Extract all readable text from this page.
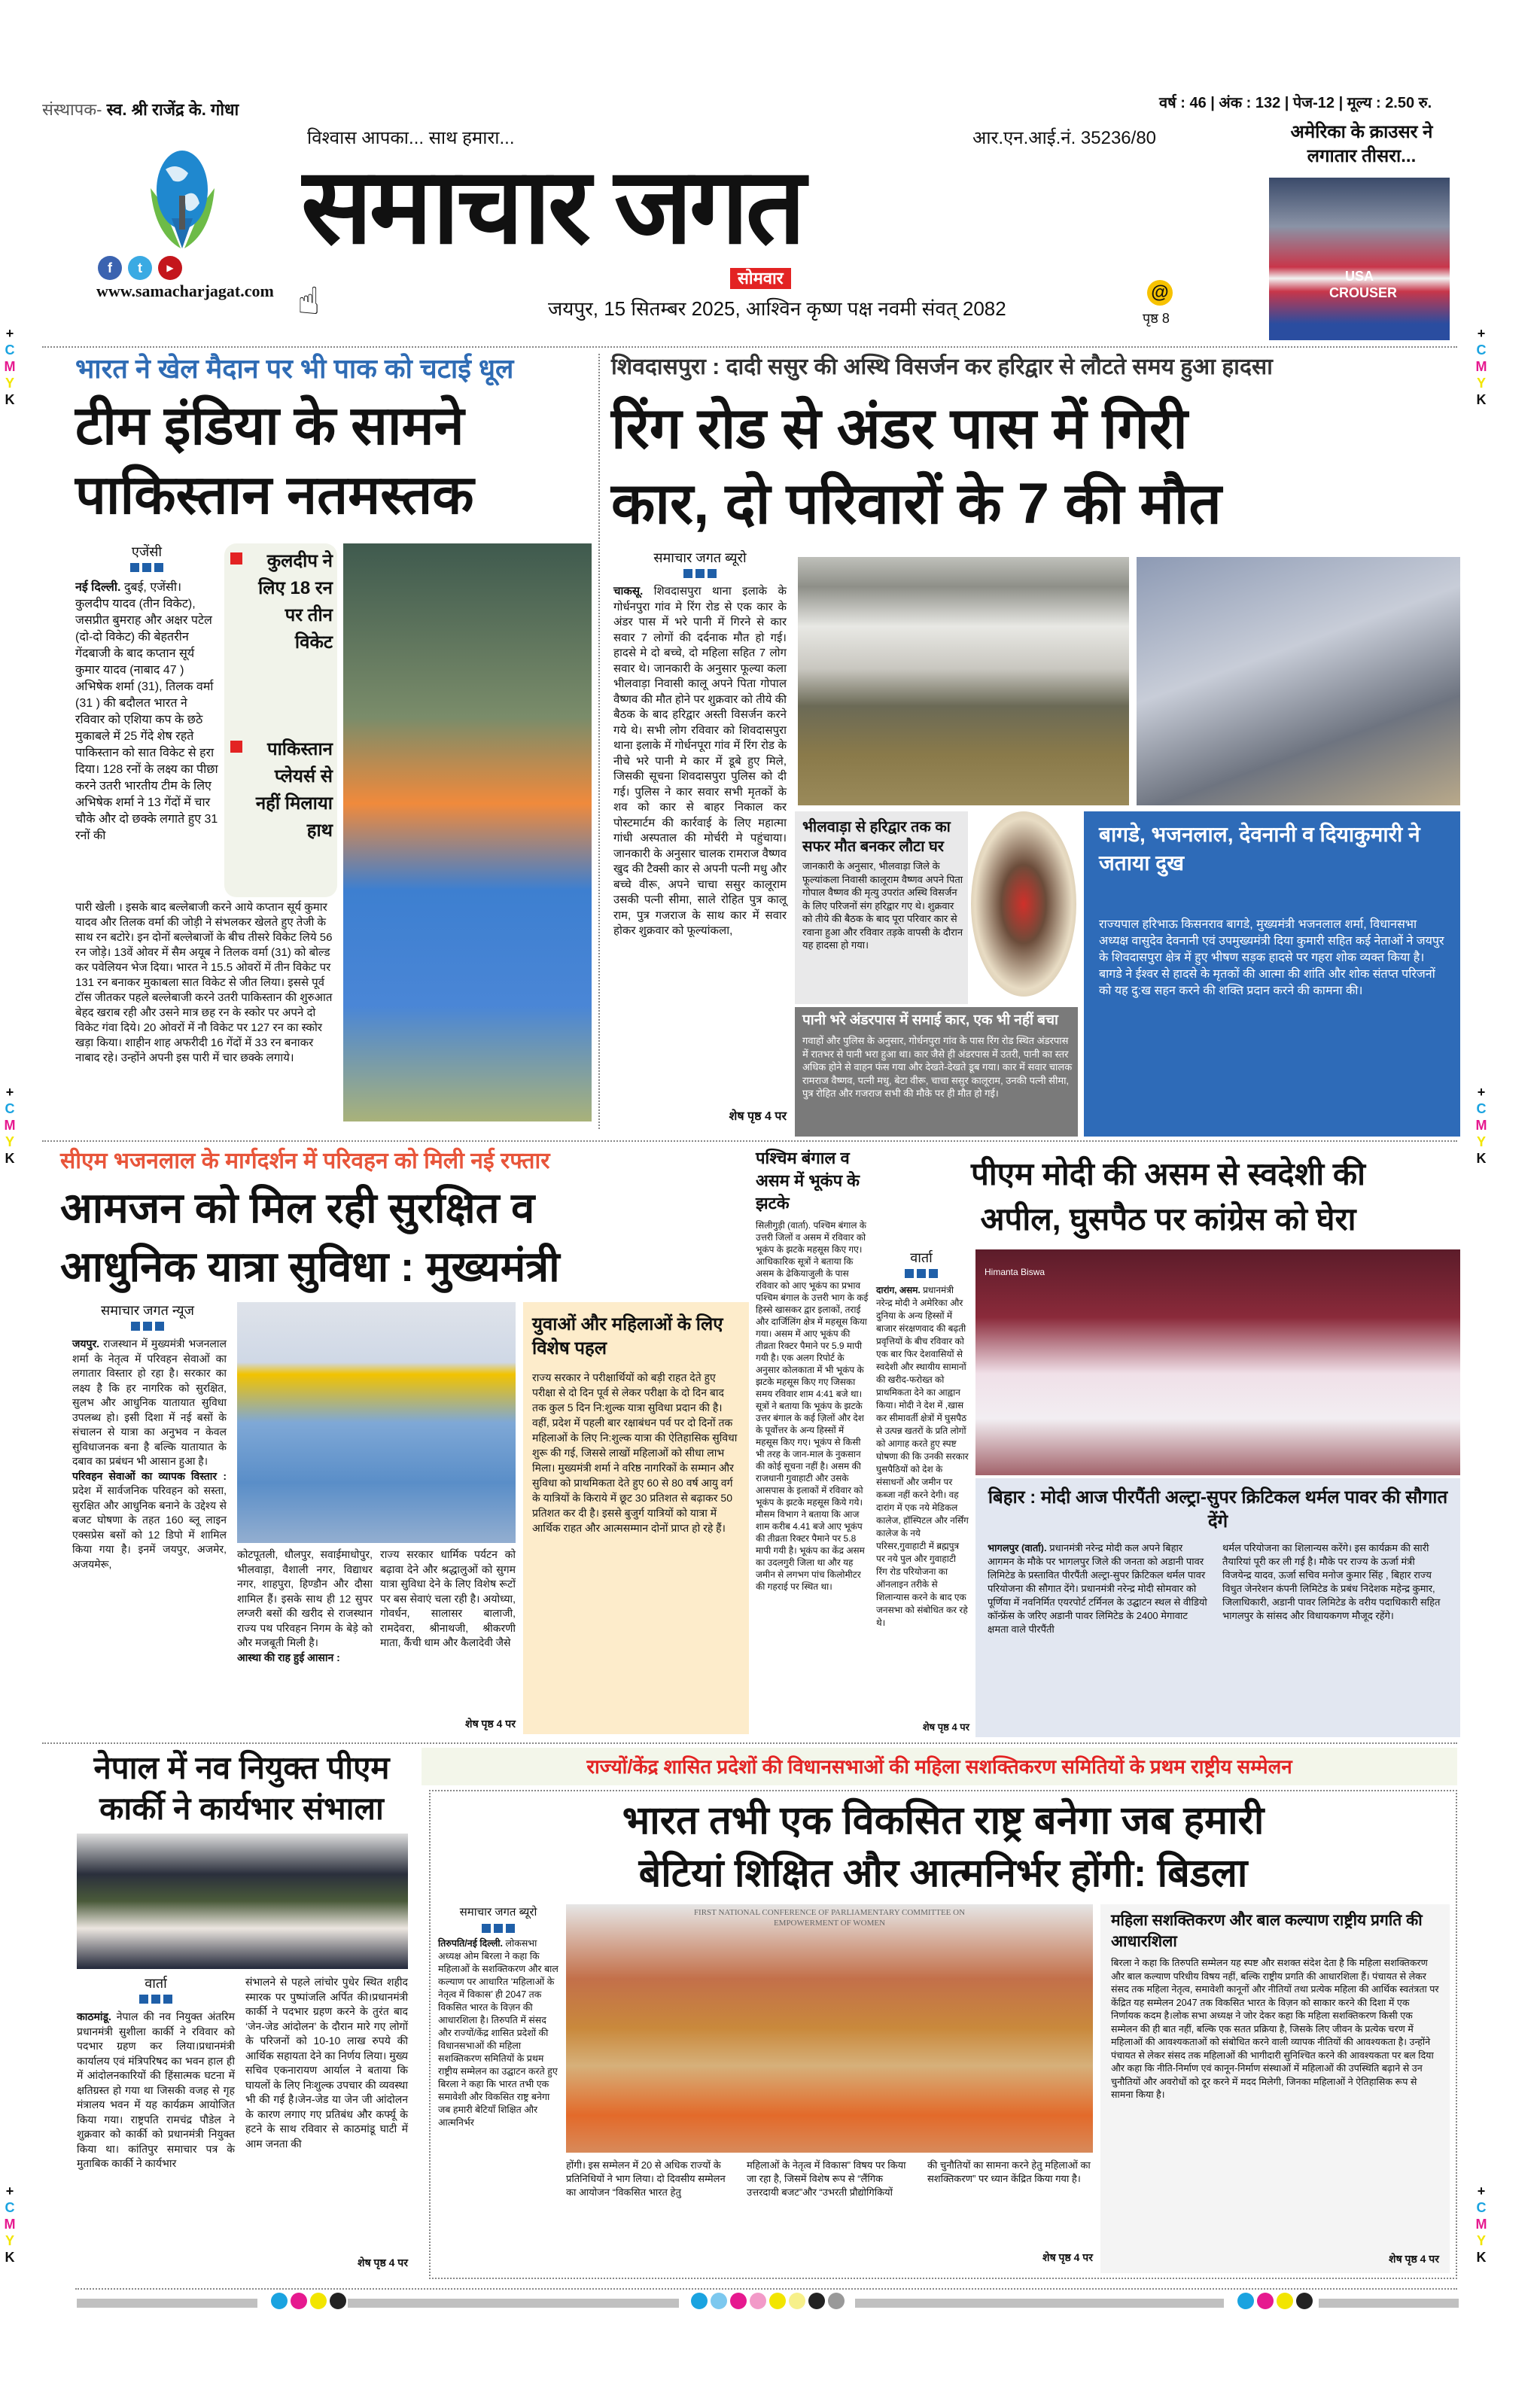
+
C
M
Y
K
+
C
M
Y
K
+
C
M
Y
K
+
C
M
Y
K
+
C
M
Y
K
+
C
M
Y
K
संस्थापक- स्व. श्री राजेंद्र के. गोधा
f	t	▶
www.samacharjagat.com ☝
विश्वास आपका... साथ हमारा...
समाचार जगत
आर.एन.आई.नं. 35236/80
वर्ष : 46 | अंक : 132 | पेज-12 | मूल्य : 2.50 रु.
सोमवार
जयपुर, 15 सितम्बर 2025, आश्विन कृष्ण पक्ष नवमी संवत् 2082
@
पृष्ठ 8
अमेरिका के क्राउसर ने लगातार तीसरा...
USA CROUSER
भारत ने खेल मैदान पर भी पाक को चटाई धूल
टीम इंडिया के सामने
पाकिस्तान नतमस्तक
एजेंसी
नई दिल्ली. दुबई, एजेंसी। कुलदीप यादव (तीन विकेट), जसप्रीत बुमराह और अक्षर पटेल (दो-दो विकेट) की बेहतरीन गेंदबाजी के बाद कप्तान सूर्य कुमार यादव (नाबाद 47 ) अभिषेक शर्मा (31), तिलक वर्मा (31 ) की बदौलत भारत ने रविवार को एशिया कप के छठे मुकाबले में 25 गेंदे शेष रहते पाकिस्तान को सात विकेट से हरा दिया। 128 रनों के लक्ष्य का पीछा करने उतरी भारतीय टीम के लिए अभिषेक शर्मा ने 13 गेंदों में चार चौके और दो छक्के लगाते हुए 31 रनों की
कुलदीप ने लिए 18 रन पर तीन विकेट
पाकिस्तान प्लेयर्स से नहीं मिलाया हाथ
पारी खेली । इसके बाद बल्लेबाजी करने आये कप्तान सूर्य कुमार यादव और तिलक वर्मा की जोड़ी ने संभलकर खेलते हुए तेजी के साथ रन बटोरे। इन दोनों बल्लेबाजों के बीच तीसरे विकेट लिये 56 रन जोड़े। 13वें ओवर में सैम अयूब ने तिलक वर्मा (31) को बोल्ड कर पवेलियन भेज दिया। भारत ने 15.5 ओवरों में तीन विकेट पर 131 रन बनाकर मुकाबला सात विकेट से जीत लिया। इससे पूर्व टॉस जीतकर पहले बल्लेबाजी करने उतरी पाकिस्तान की शुरुआत बेहद खराब रही और उसने मात्र छह रन के स्कोर पर अपने दो विकेट गंवा दिये। 20 ओवरों में नौ विकेट पर 127 रन का स्कोर खड़ा किया। शाहीन शाह अफरीदी 16 गेंदों में 33 रन बनाकर नाबाद रहे। उन्होंने अपनी इस पारी में चार छक्के लगाये।
शिवदासपुरा : दादी ससुर की अस्थि विसर्जन कर हरिद्वार से लौटते समय हुआ हादसा
रिंग रोड से अंडर पास में गिरी
कार, दो परिवारों के 7 की मौत
समाचार जगत ब्यूरो
चाकसू. शिवदासपुरा थाना इलाके के गोर्धनपुरा गांव मे रिंग रोड से एक कार के अंडर पास में भरे पानी में गिरने से कार सवार 7 लोगों की दर्दनाक मौत हो गई। हादसे मे दो बच्चे, दो महिला सहित 7 लोग सवार थे। जानकारी के अनुसार फूल्या कला भीलवाड़ा निवासी कालू अपने पिता गोपाल वैष्णव की मौत होने पर शुक्रवार को तीये की बैठक के बाद हरिद्वार अस्ती विसर्जन करने गये थे। सभी लोग रविवार को शिवदासपुरा थाना इलाके में गोर्धनपूरा गांव में रिंग रोड के नीचे भरे पानी मे कार में डूबे हुए मिले, जिसकी सूचना शिवदासपुरा पुलिस को दी गई। पुलिस ने कार सवार सभी मृतकों के शव को कार से बाहर निकाल कर पोस्टमार्टम की कार्रवाई के लिए महात्मा गांधी अस्पताल की मोर्चरी मे पहुंचाया। जानकारी के अनुसार चालक रामराज वैष्णव खुद की टैक्सी कार से अपनी पत्नी मधु और बच्चे वीरू, अपने चाचा ससुर कालूराम उसकी पत्नी सीमा, साले रोहित पुत्र कालू राम, पुत्र गजराज के साथ कार में सवार होकर शुक्रवार को फूल्यांकला,
शेष पृष्ठ 4 पर
भीलवाड़ा से हरिद्वार तक का सफर मौत बनकर लौटा घर
जानकारी के अनुसार, भीलवाड़ा जिले के फूल्यांकला निवासी कालूराम वैष्णव अपने पिता गोपाल वैष्णव की मृत्यु उपरांत अस्थि विसर्जन के लिए परिजनों संग हरिद्वार गए थे। शुक्रवार को तीये की बैठक के बाद पूरा परिवार कार से रवाना हुआ और रविवार तड़के वापसी के दौरान यह हादसा हो गया।
पानी भरे अंडरपास में समाई कार, एक भी नहीं बचा
गवाहों और पुलिस के अनुसार, गोर्धनपुरा गांव के पास रिंग रोड स्थित अंडरपास में रातभर से पानी भरा हुआ था। कार जैसे ही अंडरपास में उतरी, पानी का स्तर अधिक होने से वाहन फंस गया और देखते-देखते डूब गया। कार में सवार चालक रामराज वैष्णव, पत्नी मधु, बेटा वीरू, चाचा ससुर कालूराम, उनकी पत्नी सीमा, पुत्र रोहित और गजराज सभी की मौके पर ही मौत हो गई।
बागडे, भजनलाल, देवनानी व दियाकुमारी ने जताया दुख
राज्यपाल हरिभाऊ किसनराव बागडे, मुख्यमंत्री भजनलाल शर्मा, विधानसभा अध्यक्ष वासुदेव देवनानी एवं उपमुख्यमंत्री दिया कुमारी सहित कई नेताओं ने जयपुर के शिवदासपुरा क्षेत्र में हुए भीषण सड़क हादसे पर गहरा शोक व्यक्त किया है। बागडे ने ईश्वर से हादसे के मृतकों की आत्मा की शांति और शोक संतप्त परिजनों को यह दु:ख सहन करने की शक्ति प्रदान करने की कामना की।
सीएम भजनलाल के मार्गदर्शन में परिवहन को मिली नई रफ्तार
आमजन को मिल रही सुरक्षित व
आधुनिक यात्रा सुविधा : मुख्यमंत्री
समाचार जगत न्यूज
जयपुर. राजस्थान में मुख्यमंत्री भजनलाल शर्मा के नेतृत्व में परिवहन सेवाओं का लगातार विस्तार हो रहा है। सरकार का लक्ष्य है कि हर नागरिक को सुरक्षित, सुलभ और आधुनिक यातायात सुविधा उपलब्ध हो। इसी दिशा में नई बसों के संचालन से यात्रा का अनुभव न केवल सुविधाजनक बना है बल्कि यातायात के दबाव का प्रबंधन भी आसान हुआ है।
परिवहन सेवाओं का व्यापक विस्तार : प्रदेश में सार्वजनिक परिवहन को सस्ता, सुरक्षित और आधुनिक बनाने के उद्देश्य से बजट घोषणा के तहत 160 ब्लू लाइन एक्सप्रेस बसों को 12 डिपो में शामिल किया गया है। इनमें जयपुर, अजमेर, अजयमेरू,
कोटपूतली, धौलपुर, सवाईमाधोपुर, भीलवाड़ा, वैशाली नगर, विद्याधर नगर, शाहपुरा, हिण्डौन और दौसा शामिल हैं। इसके साथ ही 12 सुपर लग्जरी बसों की खरीद से राजस्थान राज्य पथ परिवहन निगम के बेड़े को और मजबूती मिली है।
आस्था की राह हुई आसान :
राज्य सरकार धार्मिक पर्यटन को बढ़ावा देने और श्रद्धालुओं को सुगम यात्रा सुविधा देने के लिए विशेष रूटों पर बस सेवाएं चला रही है। अयोध्या, गोवर्धन, सालासर बालाजी, रामदेवरा, श्रीनाथजी, श्रीकरणी माता, कैंची धाम और कैलादेवी जैसे
शेष पृष्ठ 4 पर
युवाओं और महिलाओं के लिए विशेष पहल
राज्य सरकार ने परीक्षार्थियों को बड़ी राहत देते हुए परीक्षा से दो दिन पूर्व से लेकर परीक्षा के दो दिन बाद तक कुल 5 दिन नि:शुल्क यात्रा सुविधा प्रदान की है। वहीं, प्रदेश में पहली बार रक्षाबंधन पर्व पर दो दिनों तक महिलाओं के लिए नि:शुल्क यात्रा की ऐतिहासिक सुविधा शुरू की गई, जिससे लाखों महिलाओं को सीधा लाभ मिला। मुख्यमंत्री शर्मा ने वरिष्ठ नागरिकों के सम्मान और सुविधा को प्राथमिकता देते हुए 60 से 80 वर्ष आयु वर्ग के यात्रियों के किराये में छूट 30 प्रतिशत से बढ़ाकर 50 प्रतिशत कर दी है। इससे बुजुर्ग यात्रियों को यात्रा में आर्थिक राहत और आत्मसम्मान दोनों प्राप्त हो रहे हैं।
पश्चिम बंगाल व असम में भूकंप के झटके
सिलीगुड़ी (वार्ता). पश्चिम बंगाल के उत्तरी जिलों व असम में रविवार को भूकंप के झटके महसूस किए गए। आधिकारिक सूत्रों ने बताया कि असम के ढेकियाजुली के पास रविवार को आए भूकंप का प्रभाव पश्चिम बंगाल के उत्तरी भाग के कई हिस्से खासकर द्वार इलाकों, तराई और दार्जिलिंग क्षेत्र में महसूस किया गया। असम में आए भूकंप की तीव्रता रिक्टर पैमाने पर 5.9 मापी गयी है। एक अलग रिपोर्ट के अनुसार कोलकाता में भी भूकंप के झटके महसूस किए गए जिसका समय रविवार शाम 4:41 बजे था। सूत्रों ने बताया कि भूकंप के झटके उत्तर बंगाल के कई ज़िलों और देश के पूर्वोत्तर के अन्य हिस्सों में महसूस किए गए। भूकंप से किसी भी तरह के जान-माल के नुकसान की कोई सूचना नहीं है। असम की राजधानी गुवाहाटी और उसके आसपास के इलाकों में रविवार को भूकंप के झटके महसूस किये गये। मौसम विभाग ने बताया कि आज शाम करीब 4.41 बजे आए भूकंप की तीव्रता रिक्टर पैमाने पर 5.8 मापी गयी है। भूकंप का केंद्र असम का उदलगुरी जिला था और यह जमीन से लगभग पांच किलोमीटर की गहराई पर स्थित था।
पीएम मोदी की असम से स्वदेशी की
अपील, घुसपैठ पर कांग्रेस को घेरा
वार्ता
दारांग, असम. प्रधानमंत्री नरेन्द्र मोदी ने अमेरिका और दुनिया के अन्य हिस्सों में बाजार संरक्षणवाद की बढ़ती प्रवृत्तियों के बीच रविवार को एक बार फिर देशवासियों से स्वदेशी और स्थायीय सामानों की खरीद-फरोख्त को प्राथमिकता देने का आह्वान किया। मोदी ने देश में ,खास कर सीमावर्ती क्षेत्रों में घुसपैठ से उत्पन्न खतरों के प्रति लोगों को आगाह करते हुए स्पष्ट घोषणा की कि उनकी सरकार घुसपैठियों को देश के संसाधनों और जमीन पर कब्जा नहीं करने देगी। वह दारांग में एक नये मेडिकल कालेज, हॉस्पिटल और नर्सिंग कालेज के नये परिसर,गुवाहाटी में ब्रह्मपुत्र पर नये पुल और गुवाहाटी रिंग रोड परियोजना का ऑनलाइन तरीके से शिलान्यास करने के बाद एक जनसभा को संबोधित कर रहे थे।
शेष पृष्ठ 4 पर
Himanta Biswa
बिहार : मोदी आज पीरपैंती अल्ट्रा-सुपर क्रिटिकल थर्मल पावर की सौगात देंगे
भागलपुर (वार्ता). प्रधानमंत्री नरेन्द्र मोदी कल अपने बिहार आगमन के मौके पर भागलपुर जिले की जनता को अडानी पावर लिमिटेड के प्रस्तावित पीरपैंती अल्ट्रा-सुपर क्रिटिकल थर्मल पावर परियोजना की सौगात देंगे। प्रधानमंत्री नरेन्द्र मोदी सोमवार को पूर्णिया में नवनिर्मित एयरपोर्ट टर्मिनल के उद्घाटन स्थल से वीडियो कॉन्फ्रेंस के जरिए अडानी पावर लिमिटेड के 2400 मेगावाट क्षमता वाले पीरपैंती
थर्मल परियोजना का शिलान्यस करेंगे। इस कार्यक्रम की सारी तैयारियां पूरी कर ली गई है। मौके पर राज्य के ऊर्जा मंत्री विजयेन्द्र यादव, ऊर्जा सचिव मनोज कुमार सिंह , बिहार राज्य विधुत जेनरेशन कंपनी लिमिटेड के प्रबंध निदेशक महेन्द्र कुमार, जिलाधिकारी, अडानी पावर लिमिटेड के वरीय पदाधिकारी सहित भागलपुर के सांसद और विधायकगण मौजूद रहेंगे।
नेपाल में नव नियुक्त पीएम कार्की ने कार्यभार संभाला
वार्ता
काठमांडू. नेपाल की नव नियुक्त अंतरिम प्रधानमंत्री सुशीला कार्की ने रविवार को पदभार ग्रहण कर लिया।प्रधानमंत्री कार्यालय एवं मंत्रिपरिषद का भवन हाल ही में आंदोलनकारियों की हिंसात्मक घटना में क्षतिग्रस्त हो गया था जिसकी वजह से गृह मंत्रालय भवन में यह कार्यक्रम आयोजित किया गया। राष्ट्रपति रामचंद्र पौडेल ने शुक्रवार को कार्की को प्रधानमंत्री नियुक्त किया था। कांतिपुर समाचार पत्र के मुताबिक कार्की ने कार्यभार
संभालने से पहले लांचोर पुधेर स्थित शहीद स्मारक पर पुष्पांजलि अर्पित की।प्रधानमंत्री कार्की ने पदभार ग्रहण करने के तुरंत बाद ‘जेन-जेड आंदोलन’ के दौरान मारे गए लोगों के परिजनों को 10-10 लाख रुपये की आर्थिक सहायता देने का निर्णय लिया। मुख्य सचिव एकनारायण आर्याल ने बताया कि घायलों के लिए निःशुल्क उपचार की व्यवस्था भी की गई है।जेन-जेड या जेन जी आंदोलन के कारण लगाए गए प्रतिबंध और कर्फ्यू के हटने के साथ रविवार से काठमांडू घाटी में आम जनता की
शेष पृष्ठ 4 पर
राज्यों/केंद्र शासित प्रदेशों की विधानसभाओं की महिला सशक्तिकरण समितियों के प्रथम राष्ट्रीय सम्मेलन
भारत तभी एक विकसित राष्ट्र बनेगा जब हमारी
बेटियां शिक्षित और आत्मनिर्भर होंगी: बिडला
समाचार जगत ब्यूरो
तिरुपति/नई दिल्ली. लोकसभा अध्यक्ष ओम बिरला ने कहा कि महिलाओं के सशक्तिकरण और बाल कल्याण पर आधारित ‘महिलाओं के नेतृत्व में विकास’ ही 2047 तक विकसित भारत के विज़न की आधारशिला है। तिरुपति में संसद और राज्यों/केंद्र शासित प्रदेशों की विधानसभाओं की महिला सशक्तिकरण समितियों के प्रथम राष्ट्रीय सम्मेलन का उद्घाटन करते हुए बिरला ने कहा कि भारत तभी एक समावेशी और विकसित राष्ट्र बनेगा जब हमारी बेटियाँ शिक्षित और आत्मनिर्भर
FIRST NATIONAL CONFERENCE OF PARLIAMENTARY COMMITTEE ON EMPOWERMENT OF WOMEN
होंगी। इस सम्मेलन में 20 से अधिक राज्यों के प्रतिनिधियों ने भाग लिया। दो दिवसीय सम्मेलन का आयोजन “विकसित भारत हेतु
महिलाओं के नेतृत्व में विकास” विषय पर किया जा रहा है, जिसमें विशेष रूप से “लैंगिक उत्तरदायी बजट”और “उभरती प्रौद्योगिकियों
की चुनौतियों का सामना करने हेतु महिलाओं का सशक्तिकरण” पर ध्यान केंद्रित किया गया है।
शेष पृष्ठ 4 पर
महिला सशक्तिकरण और बाल कल्याण राष्ट्रीय प्रगति की आधारशिला
बिरला ने कहा कि तिरुपति सम्मेलन यह स्पष्ट और सशक्त संदेश देता है कि महिला सशक्तिकरण और बाल कल्याण परिधीय विषय नहीं, बल्कि राष्ट्रीय प्रगति की आधारशिला हैं। पंचायत से लेकर संसद तक महिला नेतृत्व, समावेशी कानूनों और नीतियों तथा प्रत्येक महिला की आर्थिक स्वतंत्रता पर केंद्रित यह सम्मेलन 2047 तक विकसित भारत के विज़न को साकार करने की दिशा में एक निर्णायक कदम है।लोक सभा अध्यक्ष ने जोर देकर कहा कि महिला सशक्तिकरण किसी एक सम्मेलन की ही बात नहीं, बल्कि एक सतत प्रक्रिया है, जिसके लिए जीवन के प्रत्येक चरण में महिलाओं की आवश्यकताओं को संबोधित करने वाली व्यापक नीतियों की आवश्यकता है। उन्होंने पंचायत से लेकर संसद तक महिलाओं की भागीदारी सुनिश्चित करने की आवश्यकता पर बल दिया और कहा कि नीति-निर्माण एवं कानून-निर्माण संस्थाओं में महिलाओं की उपस्थिति बढ़ाने से उन चुनौतियों और अवरोधों को दूर करने में मदद मिलेगी, जिनका महिलाओं ने ऐतिहासिक रूप से सामना किया है।
शेष पृष्ठ 4 पर
